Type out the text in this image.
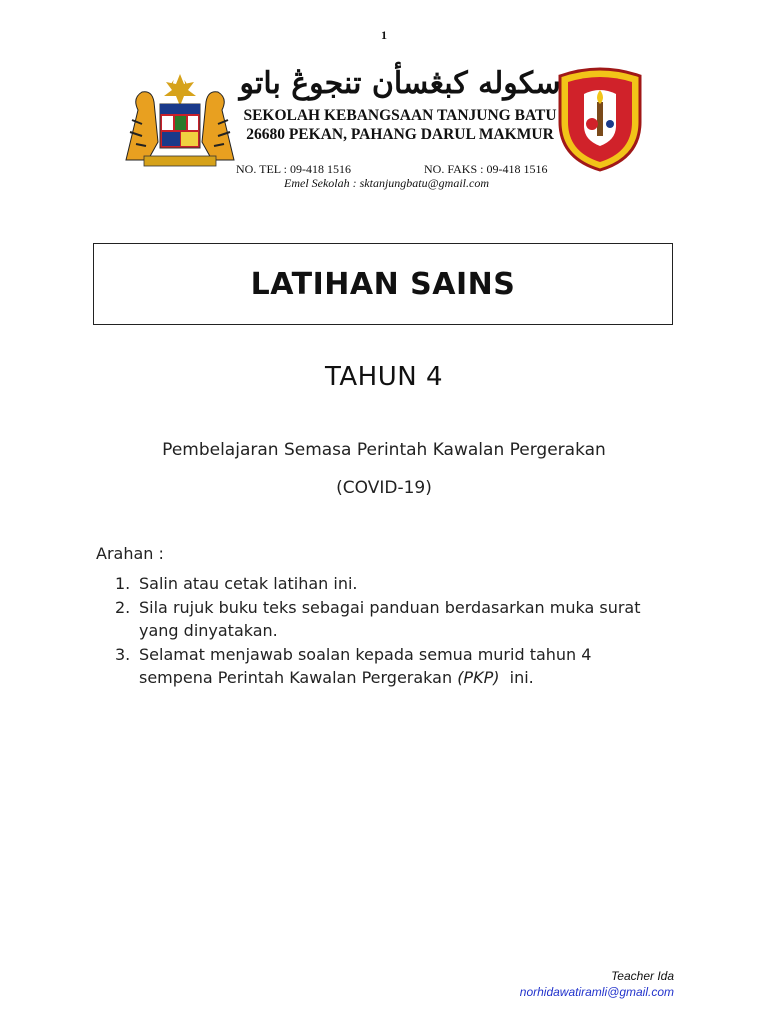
1
سکوله کبڠسأن تنجوڠ باتو
SEKOLAH KEBANGSAAN TANJUNG BATU
26680 PEKAN, PAHANG DARUL MAKMUR
NO. TEL : 09-418 1516	NO. FAKS : 09-418 1516
Emel Sekolah : sktanjungbatu@gmail.com
LATIHAN SAINS
TAHUN 4
Pembelajaran Semasa Perintah Kawalan Pergerakan
(COVID-19)
Arahan :
1. Salin atau cetak latihan ini.
2. Sila rujuk buku teks sebagai panduan berdasarkan muka surat yang dinyatakan.
3. Selamat menjawab soalan kepada semua murid tahun 4 sempena Perintah Kawalan Pergerakan (PKP)  ini.
Teacher Ida
norhidawatiramli@gmail.com
